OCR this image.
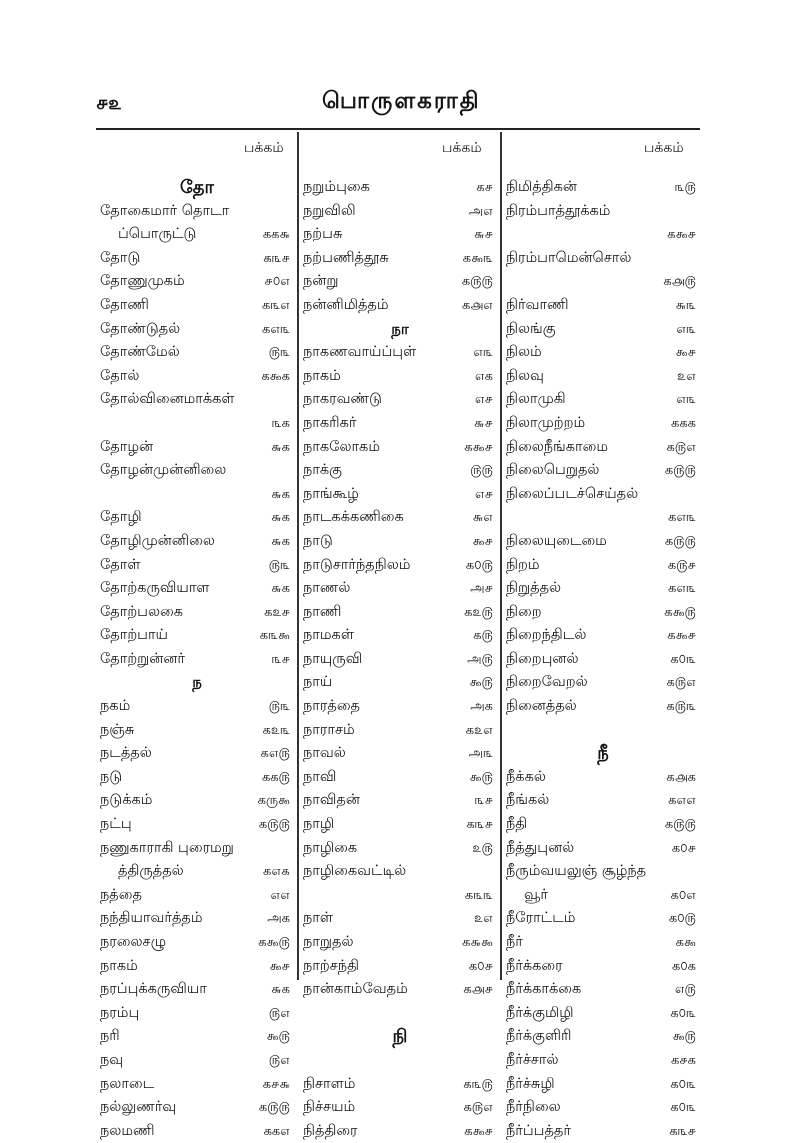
௪௨	பொருளகராதி
பக்கம்	பக்கம்	பக்கம்
தோ
தோகைமார் தொடா
ப்பொருட்டு	கக௬
தோடு	க௩௪
தோணுமுகம்	௪௦௭
தோணி	க௩௭
தோண்டுதல்	க௭௩
தோண்மேல்	௫௩
தோல்	க௯க
தோல்வினைமாக்கள்
௩க
தோழன்	௬க
தோழன்முன்னிலை
௬க
தோழி	௬க
தோழிமுன்னிலை	௬க
தோள்	௫௩
தோற்கருவியாள	௬க
தோற்பலகை	க௨௪
தோற்பாய்	க௩௯
தோற்றுன்னர்	௩௪
ந
நகம்	௫௩
நஞ்சு	க௨௩
நடத்தல்	க௭௫
நடு	கக௫
நடுக்கம்	கரு௯
நட்பு	க௫௫
நணுகாராகி புரைமறு
த்திருத்தல்	க௭௧
நத்தை	௭௭
நந்தியாவர்த்தம்	அக
நரலைசழு	க௯௫
நாகம்	௯௪
நரப்புக்கருவியா	௬க
நரம்பு	௫௭
நரி	௯௫
நவு	௫௭
நலாடை	க௪௬
நல்லுணர்வு	க௫௫
நலமணி	கக௭
நறும்புகை	க௪
நறுவிலி	அ௭
நற்பசு	௬௪
நற்பணித்தூசு	க௯௩
நன்று	க௫௫
நன்னிமித்தம்	க௮௭
நா
நாகணவாய்ப்புள்	௭௩
நாகம்	௭க
நாகரவண்டு	௭௪
நாகரிகர்	௬௪
நாகலோகம்	க௯௪
நாக்கு	௫௫
நாங்கூழ்	௭௪
நாடகக்கணிகை	௬௭
நாடு	௯௪
நாடுசார்ந்தநிலம்	க௦௫
நாணல்	அ௪
நாணி	க௨௫
நாமகள்	க௫
நாயுருவி	அ௫
நாய்	௯௫
நாரத்தை	அக
நாராசம்	க௨௭
நாவல்	அ௩
நாவி	௯௫
நாவிதன்	௩௪
நாழி	க௩௪
நாழிகை	௨௫
நாழிகைவட்டில்
க௩௩
நாள்	௨௭
நாறுதல்	க௬௯
நாற்சந்தி	க௦௪
நான்காம்வேதம்	க௮௪
நி
நிசாளம்	க௩௫
நிச்சயம்	க௫௭
நித்திரை	க௯௪
நிமித்திகன்	௩௫
நிரம்பாத்தூக்கம்
க௯௪
நிரம்பாமென்சொல்
க௮௫
நிர்வாணி	௬௩
நிலங்கு	௭௩
நிலம்	௯௪
நிலவு	௨௭
நிலாமுகி	௭௩
நிலாமுற்றம்	ககக
நிலைநீங்காமை	க௫௭
நிலைபெறுதல்	க௫௫
நிலைப்படச்செய்தல்
க௭௩
நிலையுடைமை	க௫௫
நிறம்	க௫௪
நிறுத்தல்	க௭௩
நிறை	க௯௫
நிறைந்திடல்	க௯௪
நிறைபுனல்	க௦௩
நிறைவேறல்	க௫௭
நினைத்தல்	க௫௩
நீ
நீக்கல்	க௮க
நீங்கல்	க௭௭
நீதி	க௫௫
நீத்துபுனல்	க௦௪
நீரும்வயலுஞ் சூழ்ந்த
வூர்	க௦௭
நீரோட்டம்	க௦௫
நீர்	க௯
நீர்க்கரை	க௦க
நீர்க்காக்கை	௭௫
நீர்க்குமிழி	க௦௩
நீர்க்குளிரி	௯௫
நீர்ச்சால்	க௪க
நீர்ச்சுழி	க௦௩
நீர்நிலை	க௦௩
நீர்ப்பத்தர்	க௩௪
